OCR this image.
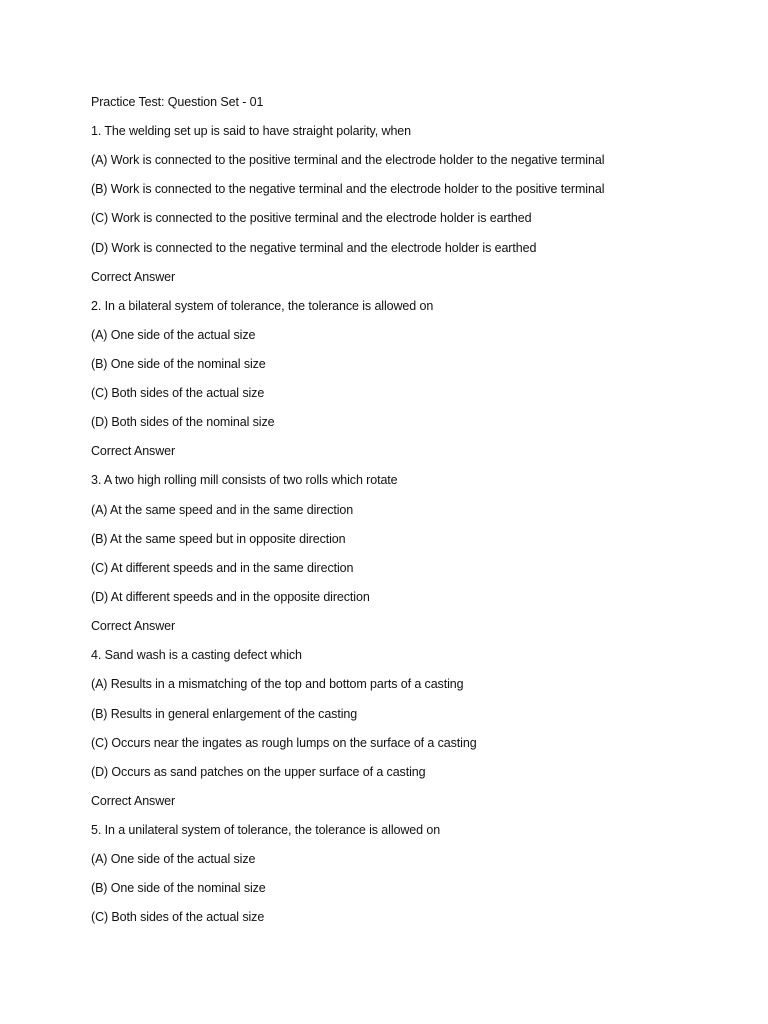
Practice Test: Question Set - 01
1. The welding set up is said to have straight polarity, when
(A) Work is connected to the positive terminal and the electrode holder to the negative terminal
(B) Work is connected to the negative terminal and the electrode holder to the positive terminal
(C) Work is connected to the positive terminal and the electrode holder is earthed
(D) Work is connected to the negative terminal and the electrode holder is earthed
Correct Answer
2. In a bilateral system of tolerance, the tolerance is allowed on
(A) One side of the actual size
(B) One side of the nominal size
(C) Both sides of the actual size
(D) Both sides of the nominal size
Correct Answer
3. A two high rolling mill consists of two rolls which rotate
(A) At the same speed and in the same direction
(B) At the same speed but in opposite direction
(C) At different speeds and in the same direction
(D) At different speeds and in the opposite direction
Correct Answer
4. Sand wash is a casting defect which
(A) Results in a mismatching of the top and bottom parts of a casting
(B) Results in general enlargement of the casting
(C) Occurs near the ingates as rough lumps on the surface of a casting
(D) Occurs as sand patches on the upper surface of a casting
Correct Answer
5. In a unilateral system of tolerance, the tolerance is allowed on
(A) One side of the actual size
(B) One side of the nominal size
(C) Both sides of the actual size
